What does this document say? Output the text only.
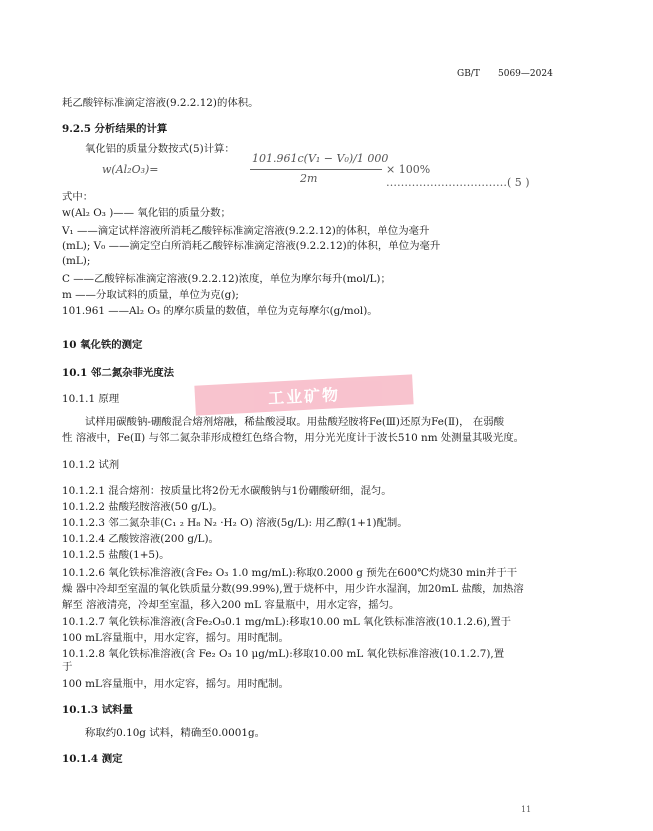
GB/T 5069—2024
耗乙酸锌标准滴定溶液(9.2.2.12)的体积。
9.2.5 分析结果的计算
氧化铝的质量分数按式(5)计算：
w(Al₂O₃)=
101.961c(V₁ − V₀)/1 000
2m
× 100% ……………………………( 5 )
式中：
w(Al₂ O₃ )—— 氧化铝的质量分数；
V₁ ——滴定试样溶液所消耗乙酸锌标准滴定溶液(9.2.2.12)的体积，单位为毫升
(mL); V₀ ——滴定空白所消耗乙酸锌标准滴定溶液(9.2.2.12)的体积，单位为毫升
(mL);
C ——乙酸锌标准滴定溶液(9.2.2.12)浓度，单位为摩尔每升(mol/L)；
m ——分取试料的质量，单位为克(g);
101.961 ——Al₂ O₃ 的摩尔质量的数值，单位为克每摩尔(g/mol)。
10 氧化铁的测定
10.1 邻二氮杂菲光度法
工业矿物
10.1.1 原理
试样用碳酸钠-硼酸混合熔剂熔融，稀盐酸浸取。用盐酸羟胺将Fe(Ⅲ)还原为Fe(Ⅱ)， 在弱酸
性 溶液中，Fe(Ⅱ) 与邻二氮杂菲形成橙红色络合物，用分光光度计于波长510 nm 处测量其吸光度。
10.1.2 试剂
10.1.2.1 混合熔剂：按质量比将2份无水碳酸钠与1份硼酸研细，混匀。
10.1.2.2 盐酸羟胺溶液(50 g/L)。
10.1.2.3 邻二氮杂菲(C₁ ₂ H₈ N₂ ·H₂ O) 溶液(5g/L): 用乙醇(1+1)配制。
10.1.2.4 乙酸铵溶液(200 g/L)。
10.1.2.5 盐酸(1+5)。
10.1.2.6 氧化铁标准溶液(含Fe₂ O₃ 1.0 mg/mL):称取0.2000 g 预先在600℃灼烧30 min并于干
燥 器中冷却至室温的氧化铁质量分数(99.99%),置于烧杯中，用少许水湿润，加20mL 盐酸，加热溶
解至 溶液清亮，冷却至室温，移入200 mL 容量瓶中，用水定容，摇匀。
10.1.2.7 氧化铁标准溶液(含Fe₂O₃0.1 mg/mL):移取10.00 mL 氧化铁标准溶液(10.1.2.6),置于
100 mL容量瓶中，用水定容，摇匀。用时配制。
10.1.2.8 氧化铁标准溶液(含 Fe₂ O₃ 10 μg/mL):移取10.00 mL 氧化铁标准溶液(10.1.2.7),置
于
100 mL容量瓶中，用水定容，摇匀。用时配制。
10.1.3 试料量
称取约0.10g 试料，精确至0.0001g。
10.1.4 测定
11
